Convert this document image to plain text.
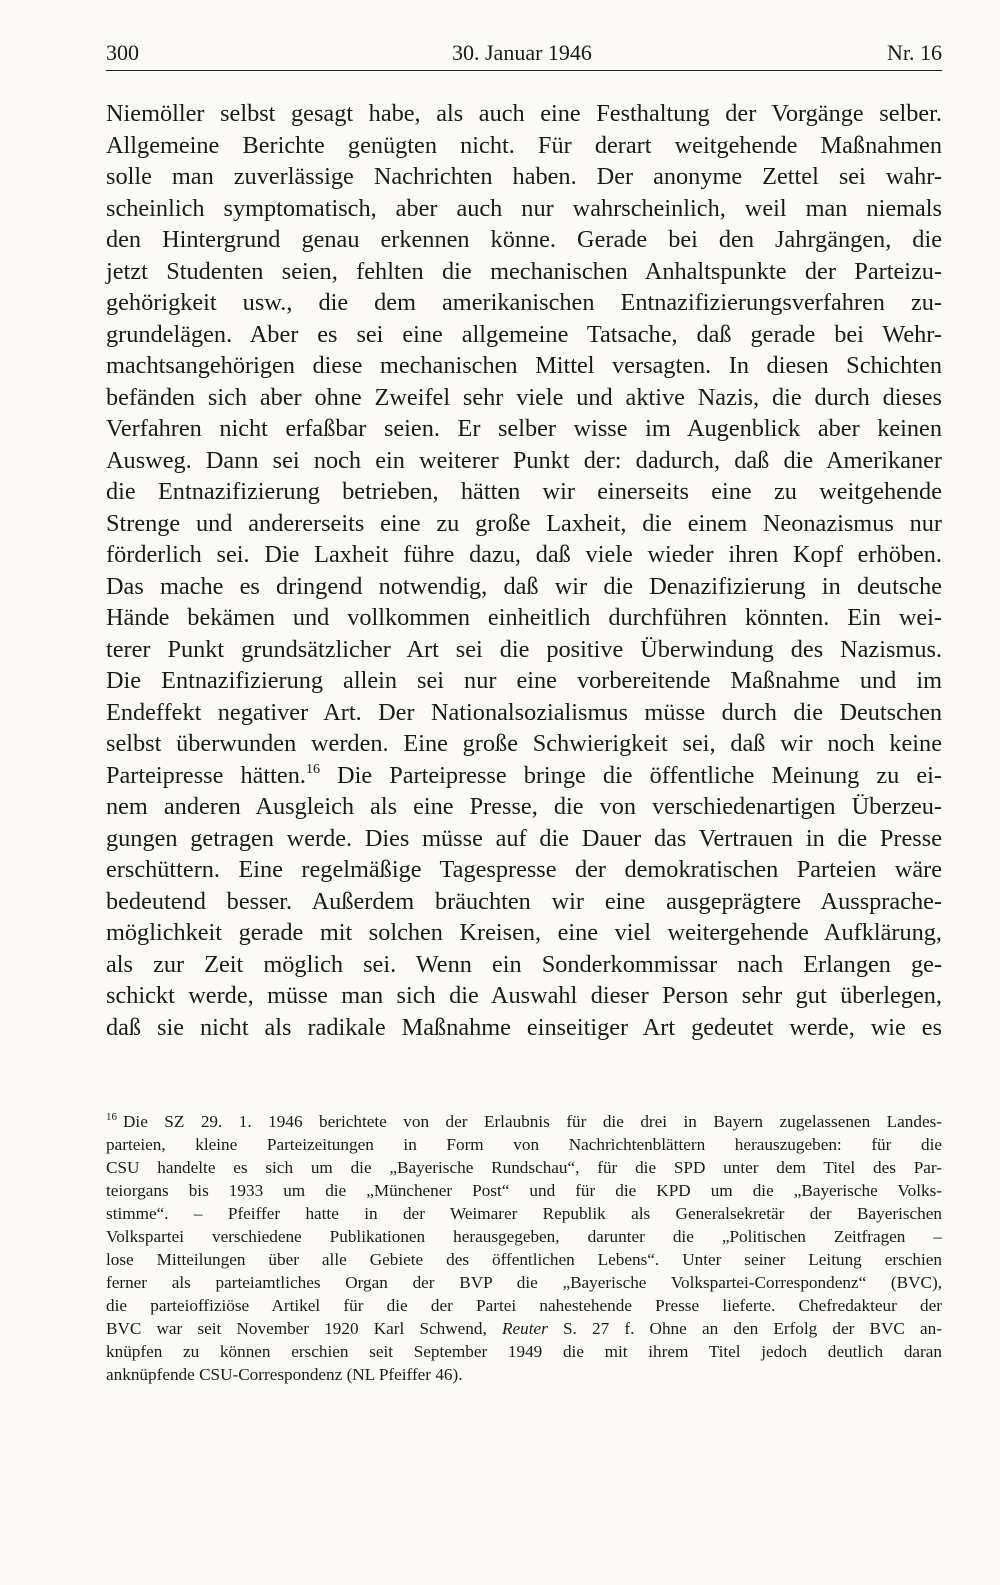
300	30. Januar 1946	Nr. 16
Niemöller selbst gesagt habe, als auch eine Festhaltung der Vorgänge selber.
Allgemeine Berichte genügten nicht. Für derart weitgehende Maßnahmen
solle man zuverlässige Nachrichten haben. Der anonyme Zettel sei wahr-
scheinlich symptomatisch, aber auch nur wahrscheinlich, weil man niemals
den Hintergrund genau erkennen könne. Gerade bei den Jahrgängen, die
jetzt Studenten seien, fehlten die mechanischen Anhaltspunkte der Parteizu-
gehörigkeit usw., die dem amerikanischen Entnazifizierungsverfahren zu-
grundelägen. Aber es sei eine allgemeine Tatsache, daß gerade bei Wehr-
machtsangehörigen diese mechanischen Mittel versagten. In diesen Schichten
befänden sich aber ohne Zweifel sehr viele und aktive Nazis, die durch dieses
Verfahren nicht erfaßbar seien. Er selber wisse im Augenblick aber keinen
Ausweg. Dann sei noch ein weiterer Punkt der: dadurch, daß die Amerikaner
die Entnazifizierung betrieben, hätten wir einerseits eine zu weitgehende
Strenge und andererseits eine zu große Laxheit, die einem Neonazismus nur
förderlich sei. Die Laxheit führe dazu, daß viele wieder ihren Kopf erhöben.
Das mache es dringend notwendig, daß wir die Denazifizierung in deutsche
Hände bekämen und vollkommen einheitlich durchführen könnten. Ein wei-
terer Punkt grundsätzlicher Art sei die positive Überwindung des Nazismus.
Die Entnazifizierung allein sei nur eine vorbereitende Maßnahme und im
Endeffekt negativer Art. Der Nationalsozialismus müsse durch die Deutschen
selbst überwunden werden. Eine große Schwierigkeit sei, daß wir noch keine
Parteipresse hätten.$^{16}$ Die Parteipresse bringe die öffentliche Meinung zu ei-
nem anderen Ausgleich als eine Presse, die von verschiedenartigen Überzeu-
gungen getragen werde. Dies müsse auf die Dauer das Vertrauen in die Presse
erschüttern. Eine regelmäßige Tagespresse der demokratischen Parteien wäre
bedeutend besser. Außerdem bräuchten wir eine ausgeprägtere Aussprache-
möglichkeit gerade mit solchen Kreisen, eine viel weitergehende Aufklärung,
als zur Zeit möglich sei. Wenn ein Sonderkommissar nach Erlangen ge-
schickt werde, müsse man sich die Auswahl dieser Person sehr gut überlegen,
daß sie nicht als radikale Maßnahme einseitiger Art gedeutet werde, wie es
$^{16}$ Die SZ 29. 1. 1946 berichtete von der Erlaubnis für die drei in Bayern zugelassenen Landes-
parteien, kleine Parteizeitungen in Form von Nachrichtenblättern herauszugeben: für die
CSU handelte es sich um die „Bayerische Rundschau“, für die SPD unter dem Titel des Par-
teiorgans bis 1933 um die „Münchener Post“ und für die KPD um die „Bayerische Volks-
stimme“. – Pfeiffer hatte in der Weimarer Republik als Generalsekretär der Bayerischen
Volkspartei verschiedene Publikationen herausgegeben, darunter die „Politischen Zeitfragen –
lose Mitteilungen über alle Gebiete des öffentlichen Lebens“. Unter seiner Leitung erschien
ferner als parteiamtliches Organ der BVP die „Bayerische Volkspartei-Correspondenz“ (BVC),
die parteioffiziöse Artikel für die der Partei nahestehende Presse lieferte. Chefredakteur der
BVC war seit November 1920 Karl Schwend, Reuter S. 27 f. Ohne an den Erfolg der BVC an-
knüpfen zu können erschien seit September 1949 die mit ihrem Titel jedoch deutlich daran
anknüpfende CSU-Correspondenz (NL Pfeiffer 46).
